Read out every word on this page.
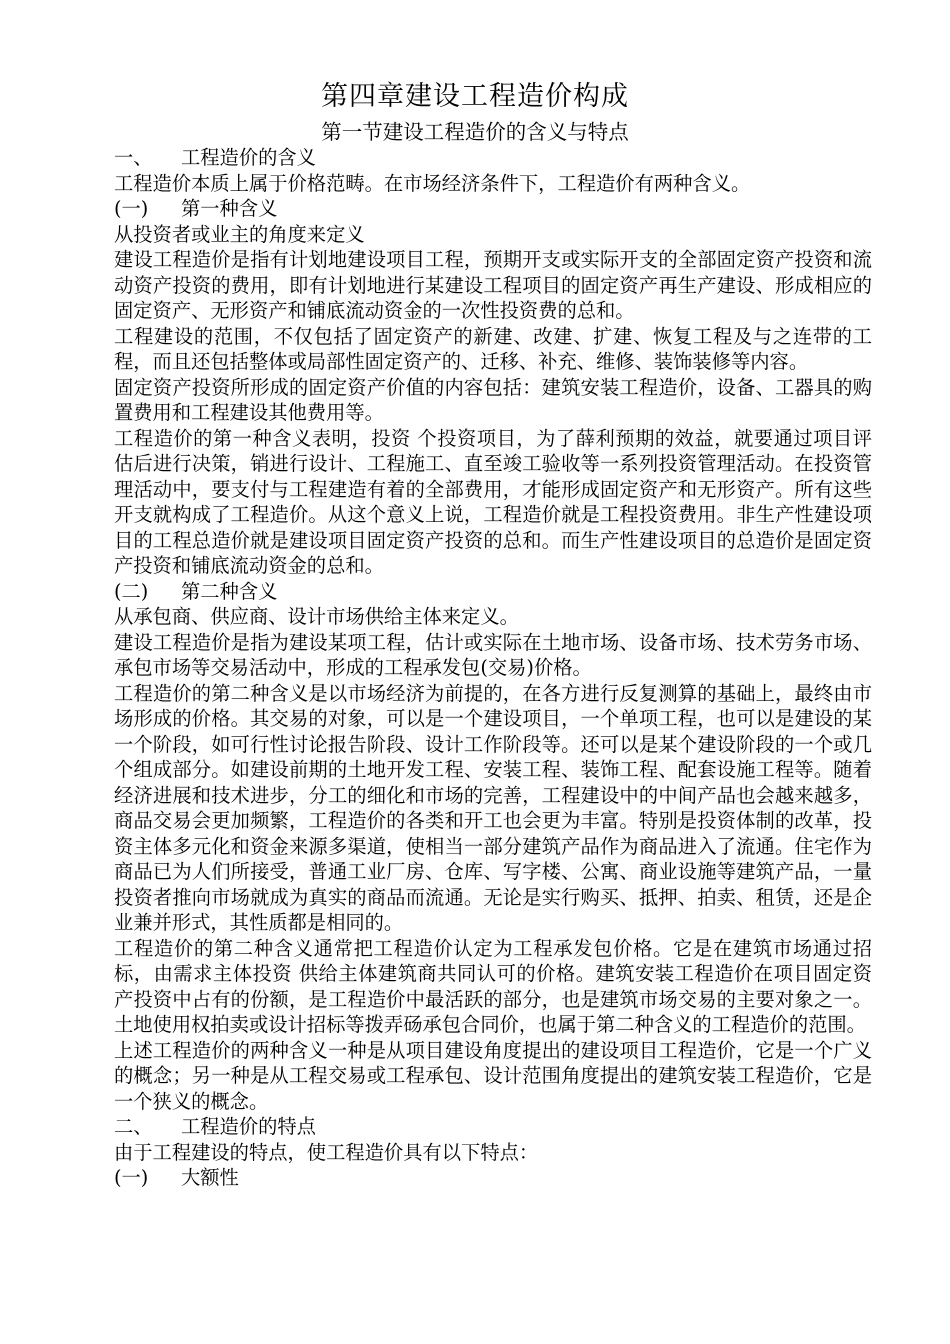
第四章建设工程造价构成
第一节建设工程造价的含义与特点

一、 工程造价的含义

工程造价本质上属于价格范畴。在市场经济条件下，工程造价有两种含义。

(一) 第一种含义

从投资者或业主的角度来定义

建设工程造价是指有计划地建设项目工程，预期开支或实际开支的全部固定资产投资和流动资产投资的费用，即有计划地进行某建设工程项目的固定资产再生产建设、形成相应的固定资产、无形资产和铺底流动资金的一次性投资费的总和。

工程建设的范围，不仅包括了固定资产的新建、改建、扩建、恢复工程及与之连带的工程，而且还包括整体或局部性固定资产的、迁移、补充、维修、装饰装修等内容。

固定资产投资所形成的固定资产价值的内容包括：建筑安装工程造价，设备、工器具的购置费用和工程建设其他费用等。

工程造价的第一种含义表明，投资 个投资项目，为了薛利预期的效益，就要通过项目评估后进行决策，销进行设计、工程施工、直至竣工验收等一系列投资管理活动。在投资管理活动中，要支付与工程建造有着的全部费用，才能形成固定资产和无形资产。所有这些开支就构成了工程造价。从这个意义上说，工程造价就是工程投资费用。非生产性建设项目的工程总造价就是建设项目固定资产投资的总和。而生产性建设项目的总造价是固定资产投资和铺底流动资金的总和。

(二) 第二种含义

从承包商、供应商、设计市场供给主体来定义。

建设工程造价是指为建设某项工程，估计或实际在土地市场、设备市场、技术劳务市场、承包市场等交易活动中，形成的工程承发包(交易)价格。

工程造价的第二种含义是以市场经济为前提的，在各方进行反复测算的基础上，最终由市场形成的价格。其交易的对象，可以是一个建设项目，一个单项工程，也可以是建设的某一个阶段，如可行性讨论报告阶段、设计工作阶段等。还可以是某个建设阶段的一个或几个组成部分。如建设前期的土地开发工程、安装工程、装饰工程、配套设施工程等。随着经济进展和技术进步，分工的细化和市场的完善，工程建设中的中间产品也会越来越多，商品交易会更加频繁，工程造价的各类和开工也会更为丰富。特别是投资体制的改革，投资主体多元化和资金来源多渠道，使相当一部分建筑产品作为商品进入了流通。住宅作为商品已为人们所接受，普通工业厂房、仓库、写字楼、公寓、商业设施等建筑产品，一量投资者推向市场就成为真实的商品而流通。无论是实行购买、抵押、拍卖、租赁，还是企业兼并形式，其性质都是相同的。

工程造价的第二种含义通常把工程造价认定为工程承发包价格。它是在建筑市场通过招标，由需求主体投资 供给主体建筑商共同认可的价格。建筑安装工程造价在项目固定资产投资中占有的份额，是工程造价中最活跃的部分，也是建筑市场交易的主要对象之一。土地使用权拍卖或设计招标等拨弄砀承包合同价，也属于第二种含义的工程造价的范围。

上述工程造价的两种含义一种是从项目建设角度提出的建设项目工程造价，它是一个广义的概念；另一种是从工程交易或工程承包、设计范围角度提出的建筑安装工程造价，它是一个狭义的概念。

二、 工程造价的特点

由于工程建设的特点，使工程造价具有以下特点：

(一) 大额性
